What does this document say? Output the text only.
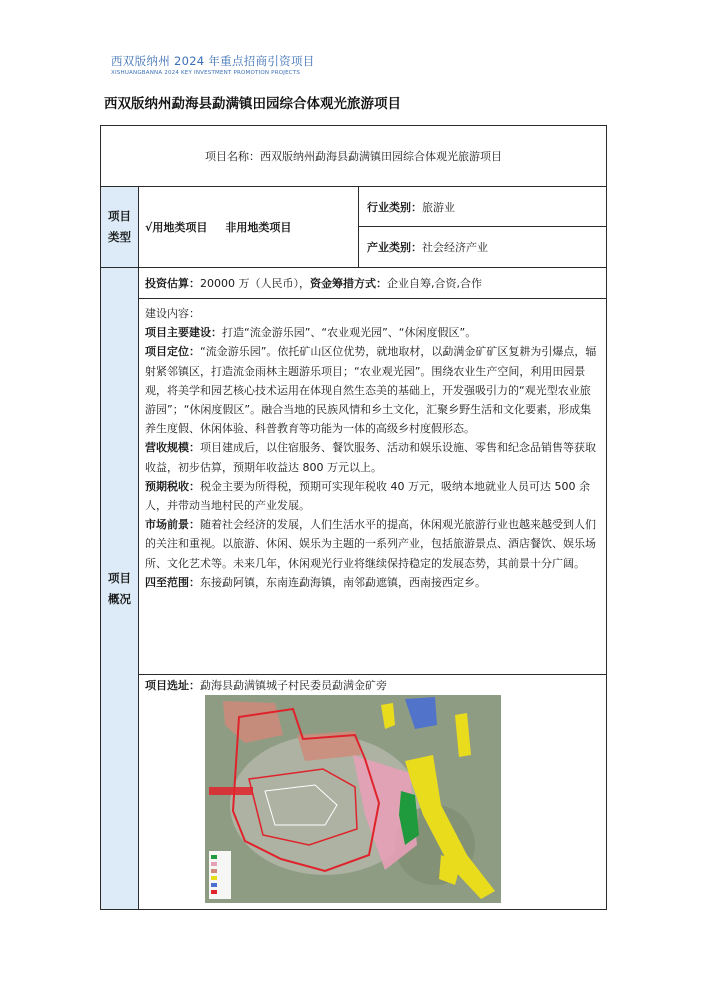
西双版纳州 2024 年重点招商引资项目
XISHUANGBANNA 2024 KEY INVESTMENT PROMOTION PROJECTS
西双版纳州勐海县勐满镇田园综合体观光旅游项目
项目名称：西双版纳州勐海县勐满镇田园综合体观光旅游项目
项目
类型
√用地类项目 非用地类项目
行业类别： 旅游业
产业类别： 社会经济产业
项目
概况
投资估算： 20000 万（人民币）， 资金筹措方式： 企业自筹,合资,合作

建设内容：

项目主要建设：打造“流金游乐园”、“农业观光园”、“休闲度假区”。

项目定位：“流金游乐园”。依托矿山区位优势，就地取材，以勐满金矿矿区复耕为引爆点，辐射紧邻镇区，打造流金雨林主题游乐项目；“农业观光园”。围绕农业生产空间，利用田园景观，将美学和园艺核心技术运用在体现自然生态美的基础上，开发强吸引力的“观光型农业旅游园”；“休闲度假区”。融合当地的民族风情和乡土文化，汇聚乡野生活和文化要素，形成集养生度假、休闲体验、科普教育等功能为一体的高级乡村度假形态。

营收规模：项目建成后，以住宿服务、餐饮服务、活动和娱乐设施、零售和纪念品销售等获取收益，初步估算，预期年收益达 800 万元以上。

预期税收：税金主要为所得税，预期可实现年税收 40 万元，吸纳本地就业人员可达 500 余人，并带动当地村民的产业发展。

市场前景：随着社会经济的发展，人们生活水平的提高，休闲观光旅游行业也越来越受到人们的关注和重视。以旅游、休闲、娱乐为主题的一系列产业，包括旅游景点、酒店餐饮、娱乐场所、文化艺术等。未来几年，休闲观光行业将继续保持稳定的发展态势，其前景十分广阔。

四至范围：东接勐阿镇，东南连勐海镇，南邻勐遮镇，西南接西定乡。

项目选址：勐海县勐满镇城子村民委员勐满金矿旁
